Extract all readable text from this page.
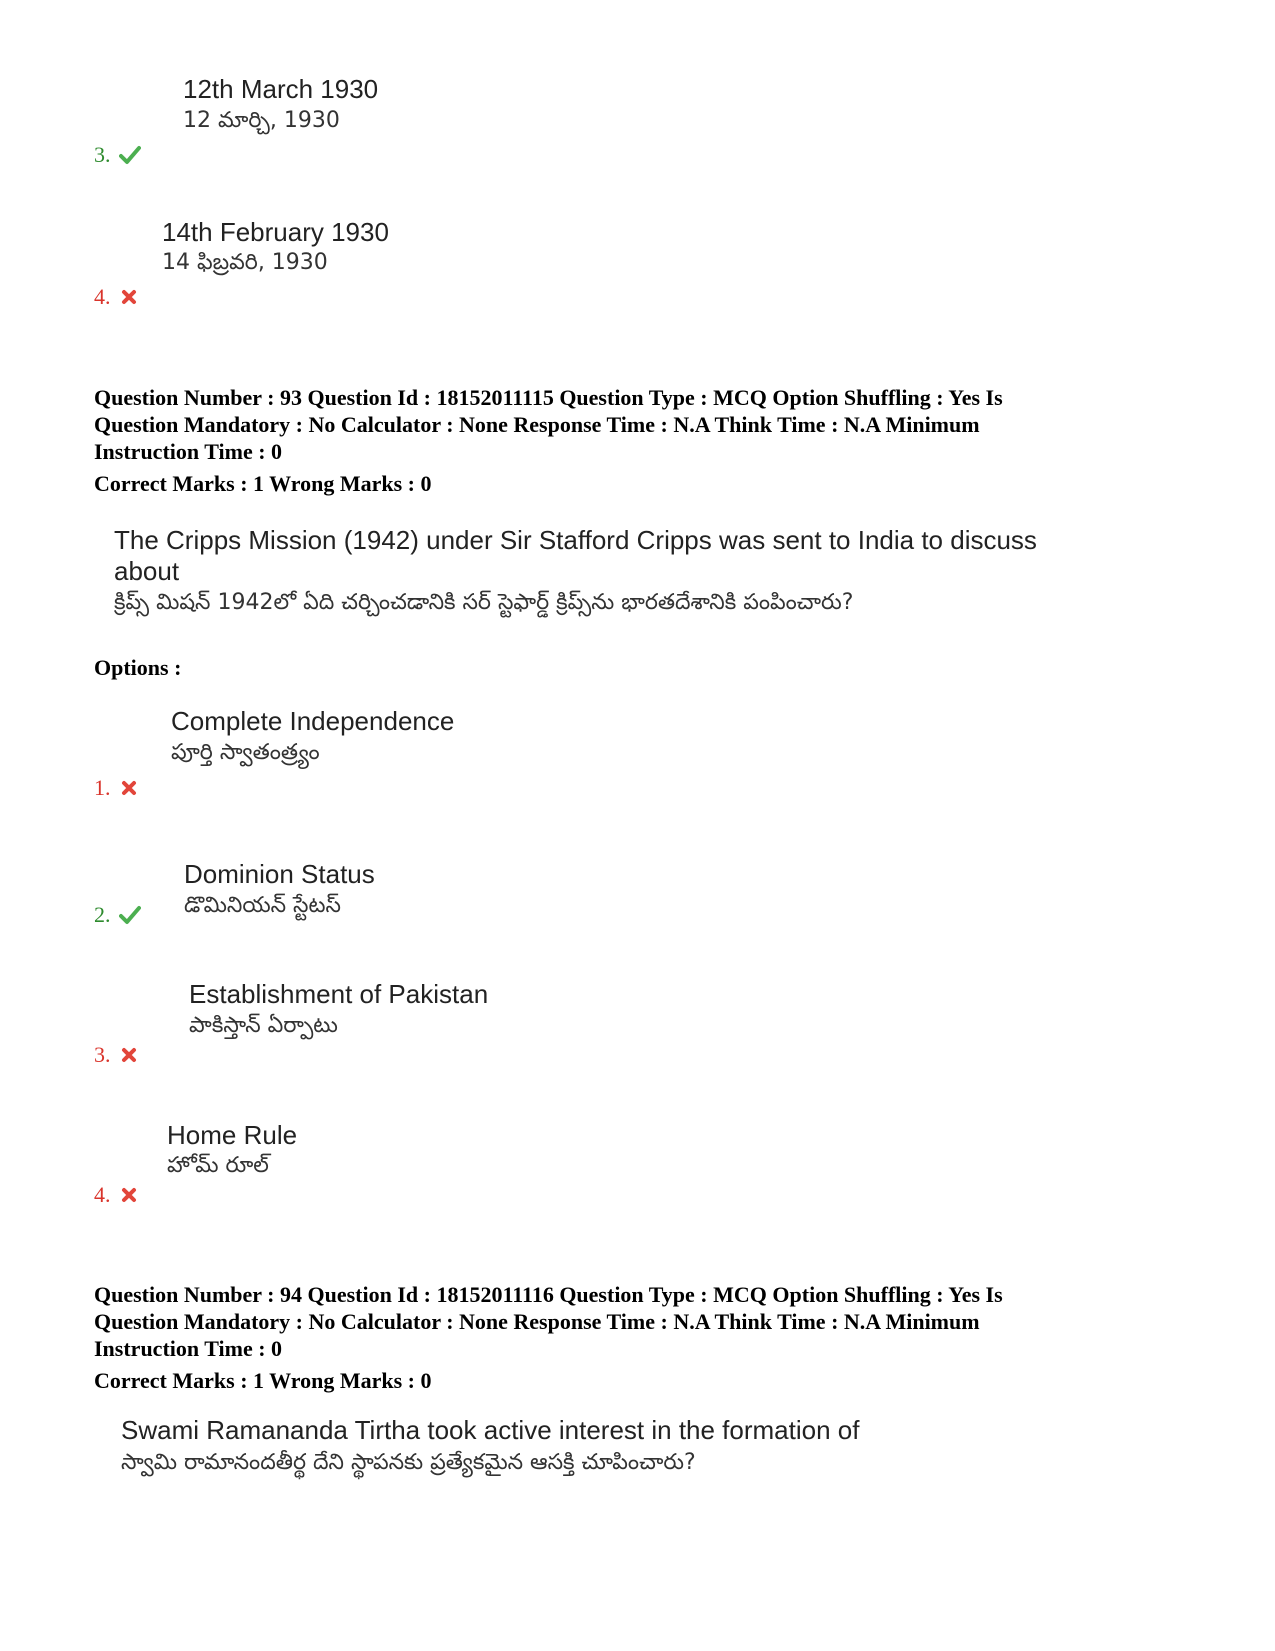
12th March 1930
12 మార్చి, 1930
3.
14th February 1930
14 ఫిబ్రవరి, 1930
4.
Question Number : 93 Question Id : 18152011115 Question Type : MCQ Option Shuffling : Yes Is
Question Mandatory : No Calculator : None Response Time : N.A Think Time : N.A Minimum
Instruction Time : 0
Correct Marks : 1 Wrong Marks : 0
The Cripps Mission (1942) under Sir Stafford Cripps was sent to India to discuss about
క్రిప్స్ మిషన్ 1942లో ఏది చర్చించడానికి సర్ స్టెఫార్డ్ క్రిప్స్‌ను భారతదేశానికి పంపించారు?
Options :
Complete Independence
పూర్తి స్వాతంత్ర్యం
1.
Dominion Status
డొమినియన్ స్టేటస్
2.
Establishment of Pakistan
పాకిస్తాన్ ఏర్పాటు
3.
Home Rule
హోమ్ రూల్
4.
Question Number : 94 Question Id : 18152011116 Question Type : MCQ Option Shuffling : Yes Is
Question Mandatory : No Calculator : None Response Time : N.A Think Time : N.A Minimum
Instruction Time : 0
Correct Marks : 1 Wrong Marks : 0
Swami Ramananda Tirtha took active interest in the formation of
స్వామి రామానందతీర్థ దేని స్థాపనకు ప్రత్యేకమైన ఆసక్తి చూపించారు?
